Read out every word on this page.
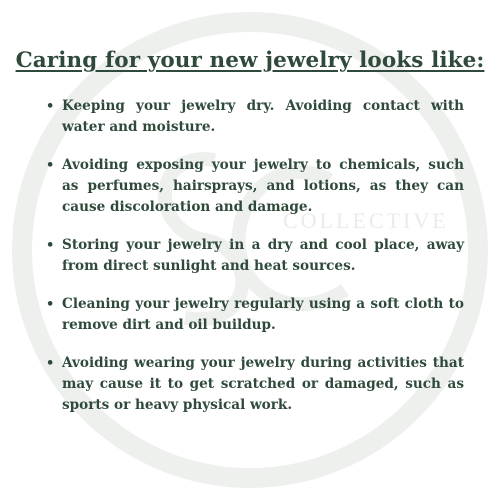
COLLECTIVE
Caring for your new jewelry looks like:
• Keeping your jewelry dry. Avoiding contact with water and moisture.
• Avoiding exposing your jewelry to chemicals, such as perfumes, hairsprays, and lotions, as they can cause discoloration and damage.
• Storing your jewelry in a dry and cool place, away from direct sunlight and heat sources.
• Cleaning your jewelry regularly using a soft cloth to remove dirt and oil buildup.
• Avoiding wearing your jewelry during activities that may cause it to get scratched or damaged, such as sports or heavy physical work.
